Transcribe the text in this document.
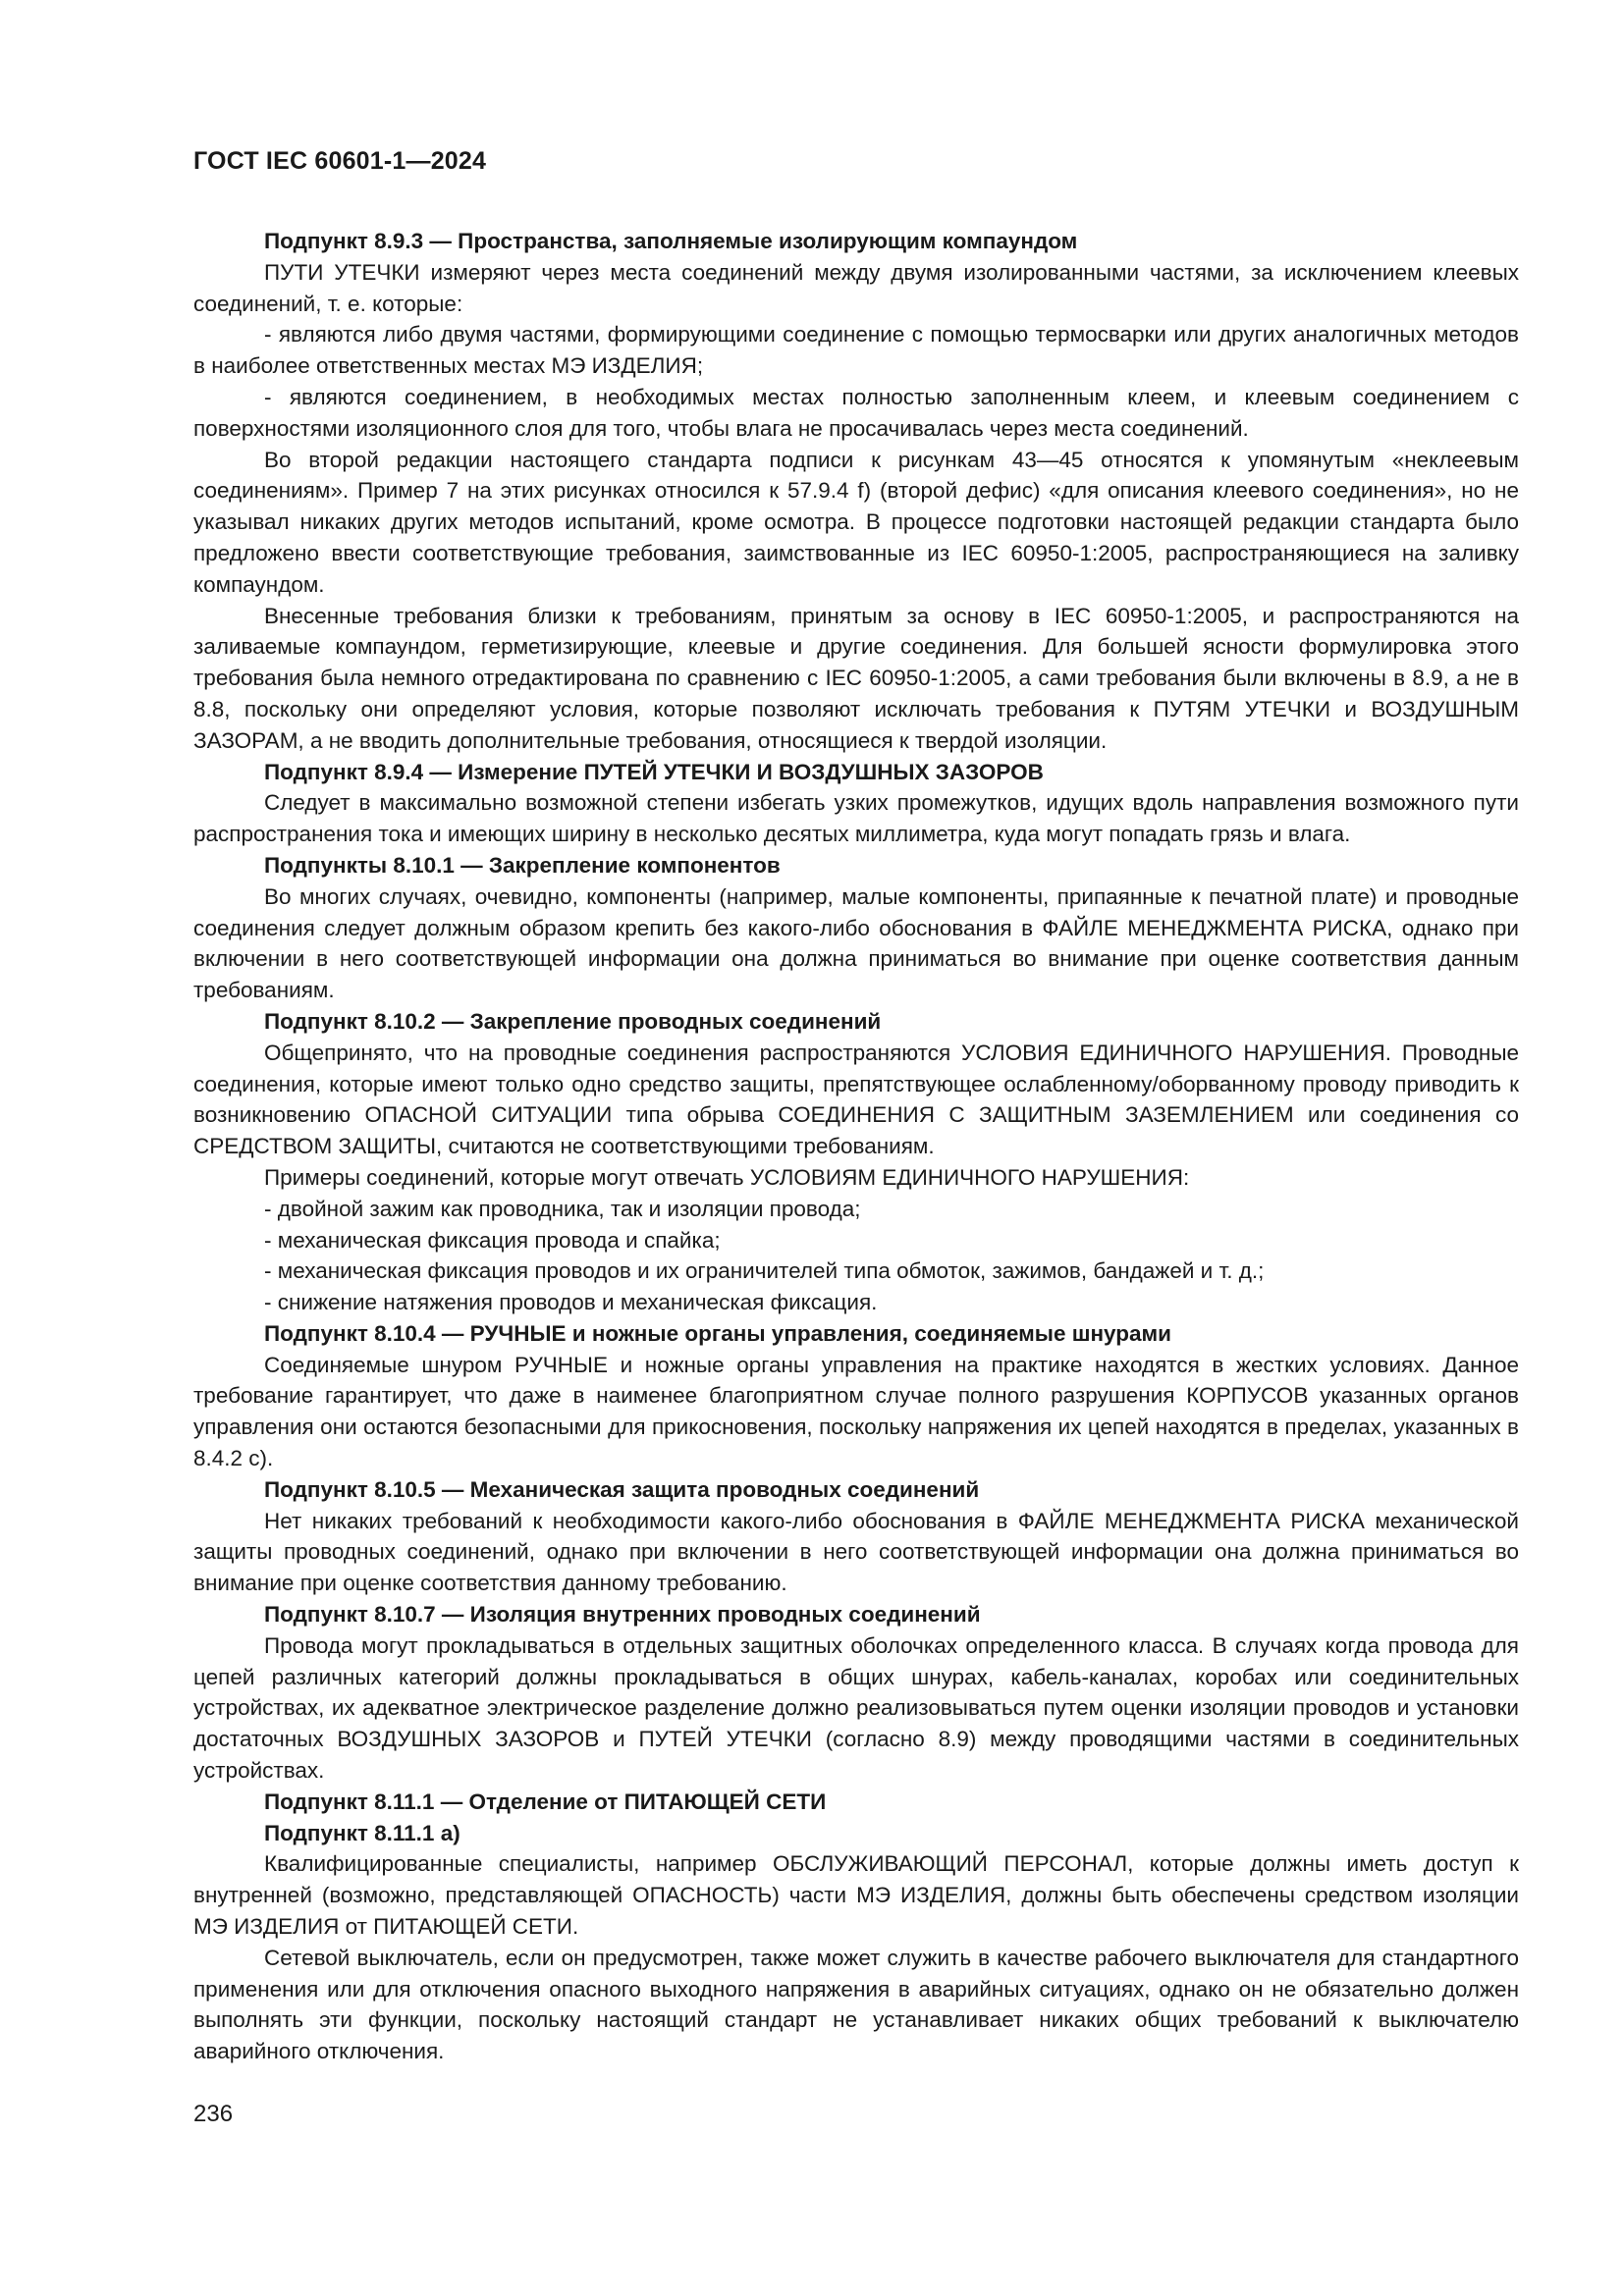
ГОСТ IEC 60601-1—2024

Подпункт 8.9.3 — Пространства, заполняемые изолирующим компаундом

ПУТИ УТЕЧКИ измеряют через места соединений между двумя изолированными частями, за исключением клеевых соединений, т. е. которые:

- являются либо двумя частями, формирующими соединение с помощью термосварки или других аналогичных методов в наиболее ответственных местах МЭ ИЗДЕЛИЯ;

- являются соединением, в необходимых местах полностью заполненным клеем, и клеевым соединением с поверхностями изоляционного слоя для того, чтобы влага не просачивалась через места соединений.

Во второй редакции настоящего стандарта подписи к рисункам 43—45 относятся к упомянутым «неклеевым соединениям». Пример 7 на этих рисунках относился к 57.9.4 f) (второй дефис) «для описания клеевого соединения», но не указывал никаких других методов испытаний, кроме осмотра. В процессе подготовки настоящей редакции стандарта было предложено ввести соответствующие требования, заимствованные из IEC 60950-1:2005, распространяющиеся на заливку компаундом.

Внесенные требования близки к требованиям, принятым за основу в IEC 60950-1:2005, и распространяются на заливаемые компаундом, герметизирующие, клеевые и другие соединения. Для большей ясности формулировка этого требования была немного отредактирована по сравнению с IEC 60950-1:2005, а сами требования были включены в 8.9, а не в 8.8, поскольку они определяют условия, которые позволяют исключать требования к ПУТЯМ УТЕЧКИ и ВОЗДУШНЫМ ЗАЗОРАМ, а не вводить дополнительные требования, относящиеся к твердой изоляции.

Подпункт 8.9.4 — Измерение ПУТЕЙ УТЕЧКИ И ВОЗДУШНЫХ ЗАЗОРОВ

Следует в максимально возможной степени избегать узких промежутков, идущих вдоль направления возможного пути распространения тока и имеющих ширину в несколько десятых миллиметра, куда могут попадать грязь и влага.

Подпункты 8.10.1 — Закрепление компонентов

Во многих случаях, очевидно, компоненты (например, малые компоненты, припаянные к печатной плате) и проводные соединения следует должным образом крепить без какого-либо обоснования в ФАЙЛЕ МЕНЕДЖМЕНТА РИСКА, однако при включении в него соответствующей информации она должна приниматься во внимание при оценке соответствия данным требованиям.

Подпункт 8.10.2 — Закрепление проводных соединений

Общепринято, что на проводные соединения распространяются УСЛОВИЯ ЕДИНИЧНОГО НАРУШЕНИЯ. Проводные соединения, которые имеют только одно средство защиты, препятствующее ослабленному/оборванному проводу приводить к возникновению ОПАСНОЙ СИТУАЦИИ типа обрыва СОЕДИНЕНИЯ С ЗАЩИТНЫМ ЗАЗЕМЛЕНИЕМ или соединения со СРЕДСТВОМ ЗАЩИТЫ, считаются не соответствующими требованиям.

Примеры соединений, которые могут отвечать УСЛОВИЯМ ЕДИНИЧНОГО НАРУШЕНИЯ:

- двойной зажим как проводника, так и изоляции провода;

- механическая фиксация провода и спайка;

- механическая фиксация проводов и их ограничителей типа обмоток, зажимов, бандажей и т. д.;

- снижение натяжения проводов и механическая фиксация.

Подпункт 8.10.4 — РУЧНЫЕ и ножные органы управления, соединяемые шнурами

Соединяемые шнуром РУЧНЫЕ и ножные органы управления на практике находятся в жестких условиях. Данное требование гарантирует, что даже в наименее благоприятном случае полного разрушения КОРПУСОВ указанных органов управления они остаются безопасными для прикосновения, поскольку напряжения их цепей находятся в пределах, указанных в 8.4.2 с).

Подпункт 8.10.5 — Механическая защита проводных соединений

Нет никаких требований к необходимости какого-либо обоснования в ФАЙЛЕ МЕНЕДЖМЕНТА РИСКА механической защиты проводных соединений, однако при включении в него соответствующей информации она должна приниматься во внимание при оценке соответствия данному требованию.

Подпункт 8.10.7 — Изоляция внутренних проводных соединений

Провода могут прокладываться в отдельных защитных оболочках определенного класса. В случаях когда провода для цепей различных категорий должны прокладываться в общих шнурах, кабель-каналах, коробах или соединительных устройствах, их адекватное электрическое разделение должно реализовываться путем оценки изоляции проводов и установки достаточных ВОЗДУШНЫХ ЗАЗОРОВ и ПУТЕЙ УТЕЧКИ (согласно 8.9) между проводящими частями в соединительных устройствах.

Подпункт 8.11.1 — Отделение от ПИТАЮЩЕЙ СЕТИ

Подпункт 8.11.1 а)

Квалифицированные специалисты, например ОБСЛУЖИВАЮЩИЙ ПЕРСОНАЛ, которые должны иметь доступ к внутренней (возможно, представляющей ОПАСНОСТЬ) части МЭ ИЗДЕЛИЯ, должны быть обеспечены средством изоляции МЭ ИЗДЕЛИЯ от ПИТАЮЩЕЙ СЕТИ.

Сетевой выключатель, если он предусмотрен, также может служить в качестве рабочего выключателя для стандартного применения или для отключения опасного выходного напряжения в аварийных ситуациях, однако он не обязательно должен выполнять эти функции, поскольку настоящий стандарт не устанавливает никаких общих требований к выключателю аварийного отключения.

236
